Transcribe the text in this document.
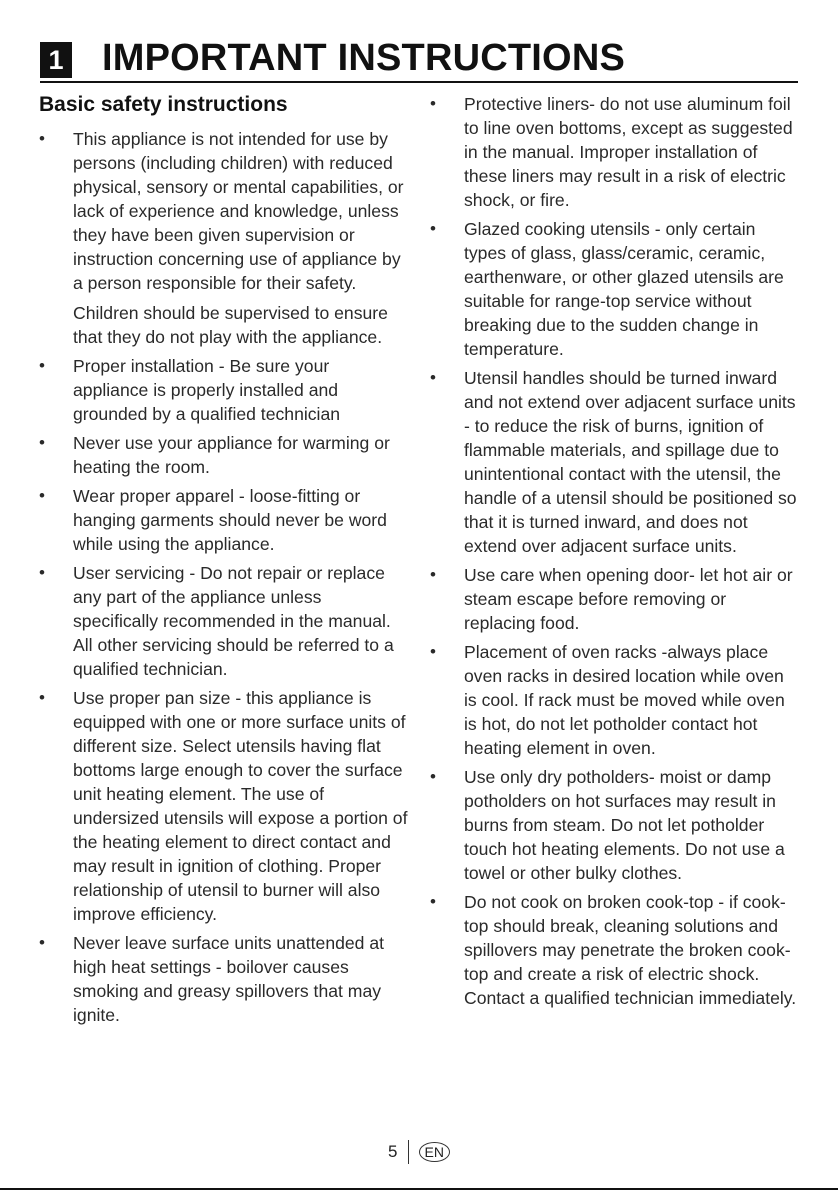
1 IMPORTANT INSTRUCTIONS
Basic safety instructions
• This appliance is not intended for use by persons (including children) with reduced physical, sensory or mental capabilities, or lack of experience and knowledge, unless they have been given supervision or instruction concerning use of appliance by a person responsible for their safety.

Children should be supervised to ensure that they do not play with the appliance.

• Proper installation - Be sure your appliance is properly installed and grounded by a qualified technician

• Never use your appliance for warming or heating the room.

• Wear proper apparel - loose-fitting or hanging garments should never be word while using the appliance.

• User servicing - Do not repair or replace any part of the appliance unless specifically recommended in the manual. All other servicing should be referred to a qualified technician.

• Use proper pan size - this appliance is equipped with one or more surface units of different size. Select utensils having flat bottoms large enough to cover the surface unit heating element. The use of undersized utensils will expose a portion of the heating element to direct contact and may result in ignition of clothing. Proper relationship of utensil to burner will also improve efficiency.

• Never leave surface units unattended at high heat settings - boilover causes smoking and greasy spillovers that may ignite.

• Protective liners- do not use aluminum foil to line oven bottoms, except as suggested in the manual. Improper installation of these liners may result in a risk of electric shock, or fire.

• Glazed cooking utensils - only certain types of glass, glass/ceramic, ceramic, earthenware, or other glazed utensils are suitable for range-top service without breaking due to the sudden change in temperature.

• Utensil handles should be turned inward and not extend over adjacent surface units - to reduce the risk of burns, ignition of flammable materials, and spillage due to unintentional contact with the utensil, the handle of a utensil should be positioned so that it is turned inward, and does not extend over adjacent surface units.

• Use care when opening door- let hot air or steam escape before removing or replacing food.

• Placement of oven racks -always place oven racks in desired location while oven is cool. If rack must be moved while oven is hot, do not let potholder contact hot heating element in oven.

• Use only dry potholders- moist or damp potholders on hot surfaces may result in burns from steam. Do not let potholder touch hot heating elements. Do not use a towel or other bulky clothes.

• Do not cook on broken cook-top - if cook-top should break, cleaning solutions and spillovers may penetrate the broken cook-top and create a risk of electric shock. Contact a qualified technician immediately.

5	EN
